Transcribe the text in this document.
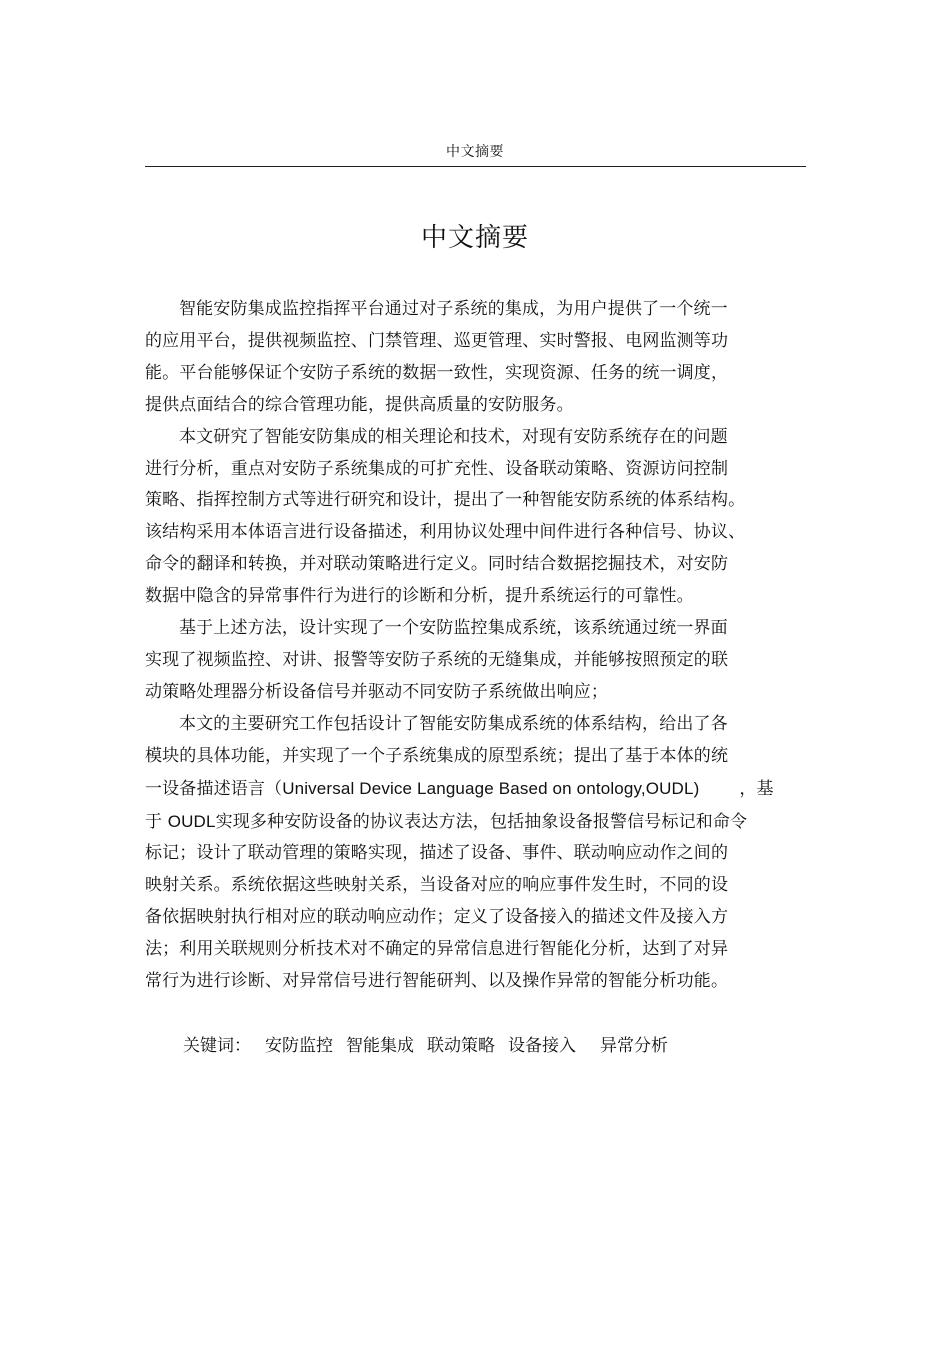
中文摘要
中文摘要

智能安防集成监控指挥平台通过对子系统的集成，为用户提供了一个统一
的应用平台，提供视频监控、门禁管理、巡更管理、实时警报、电网监测等功
能。平台能够保证个安防子系统的数据一致性，实现资源、任务的统一调度，
提供点面结合的综合管理功能，提供高质量的安防服务。

本文研究了智能安防集成的相关理论和技术，对现有安防系统存在的问题
进行分析，重点对安防子系统集成的可扩充性、设备联动策略、资源访问控制
策略、指挥控制方式等进行研究和设计，提出了一种智能安防系统的体系结构。
该结构采用本体语言进行设备描述，利用协议处理中间件进行各种信号、协议、
命令的翻译和转换，并对联动策略进行定义。同时结合数据挖掘技术，对安防
数据中隐含的异常事件行为进行的诊断和分析，提升系统运行的可靠性。

基于上述方法，设计实现了一个安防监控集成系统，该系统通过统一界面
实现了视频监控、对讲、报警等安防子系统的无缝集成，并能够按照预定的联
动策略处理器分析设备信号并驱动不同安防子系统做出响应；

本文的主要研究工作包括设计了智能安防集成系统的体系结构，给出了各
模块的具体功能，并实现了一个子系统集成的原型系统；提出了基于本体的统
一设备描述语言（Universal Device Language Based on ontology,OUDL) ，基
于 OUDL实现多种安防设备的协议表达方法，包括抽象设备报警信号标记和命令
标记；设计了联动管理的策略实现，描述了设备、事件、联动响应动作之间的
映射关系。系统依据这些映射关系，当设备对应的响应事件发生时，不同的设
备依据映射执行相对应的联动响应动作；定义了设备接入的描述文件及接入方
法；利用关联规则分析技术对不确定的异常信息进行智能化分析，达到了对异
常行为进行诊断、对异常信号进行智能研判、以及操作异常的智能分析功能。

关键词： 安防监控 智能集成 联动策略 设备接入 异常分析
